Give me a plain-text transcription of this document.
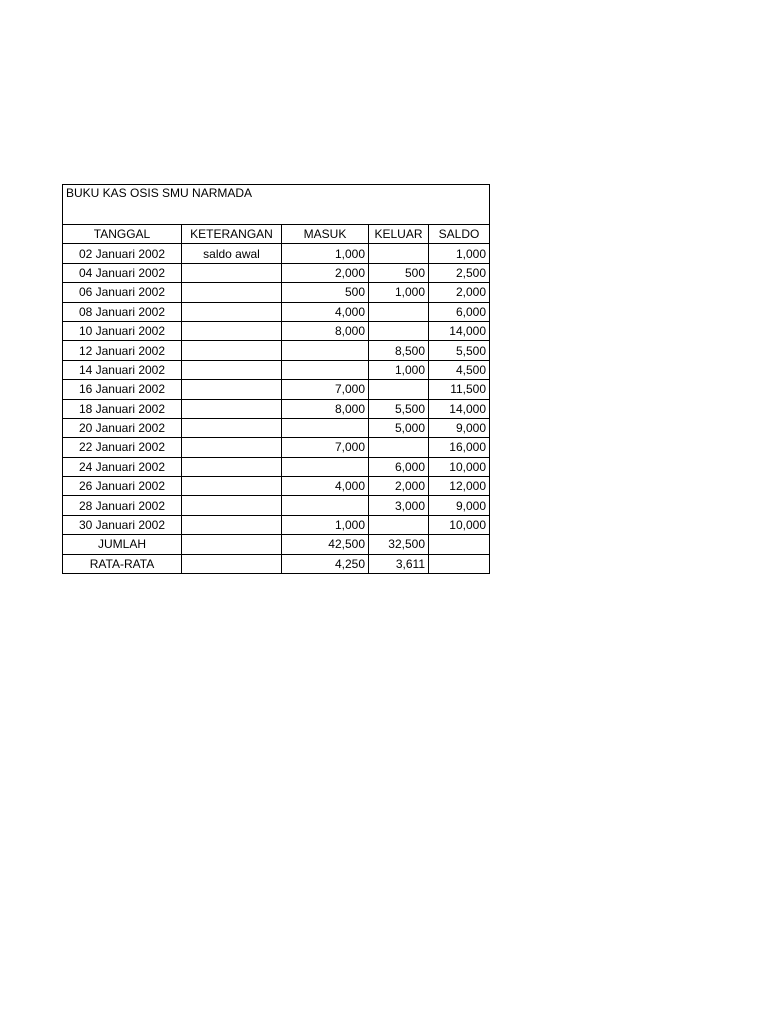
BUKU KAS OSIS SMU NARMADA				
TANGGAL	KETERANGAN	MASUK	KELUAR	SALDO
02 Januari 2002	saldo awal	1,000		1,000
04 Januari 2002		2,000	500	2,500
06 Januari 2002		500	1,000	2,000
08 Januari 2002		4,000		6,000
10 Januari 2002		8,000		14,000
12 Januari 2002			8,500	5,500
14 Januari 2002			1,000	4,500
16 Januari 2002		7,000		11,500
18 Januari 2002		8,000	5,500	14,000
20 Januari 2002			5,000	9,000
22 Januari 2002		7,000		16,000
24 Januari 2002			6,000	10,000
26 Januari 2002		4,000	2,000	12,000
28 Januari 2002			3,000	9,000
30 Januari 2002		1,000		10,000
JUMLAH		42,500	32,500	
RATA-RATA		4,250	3,611	
